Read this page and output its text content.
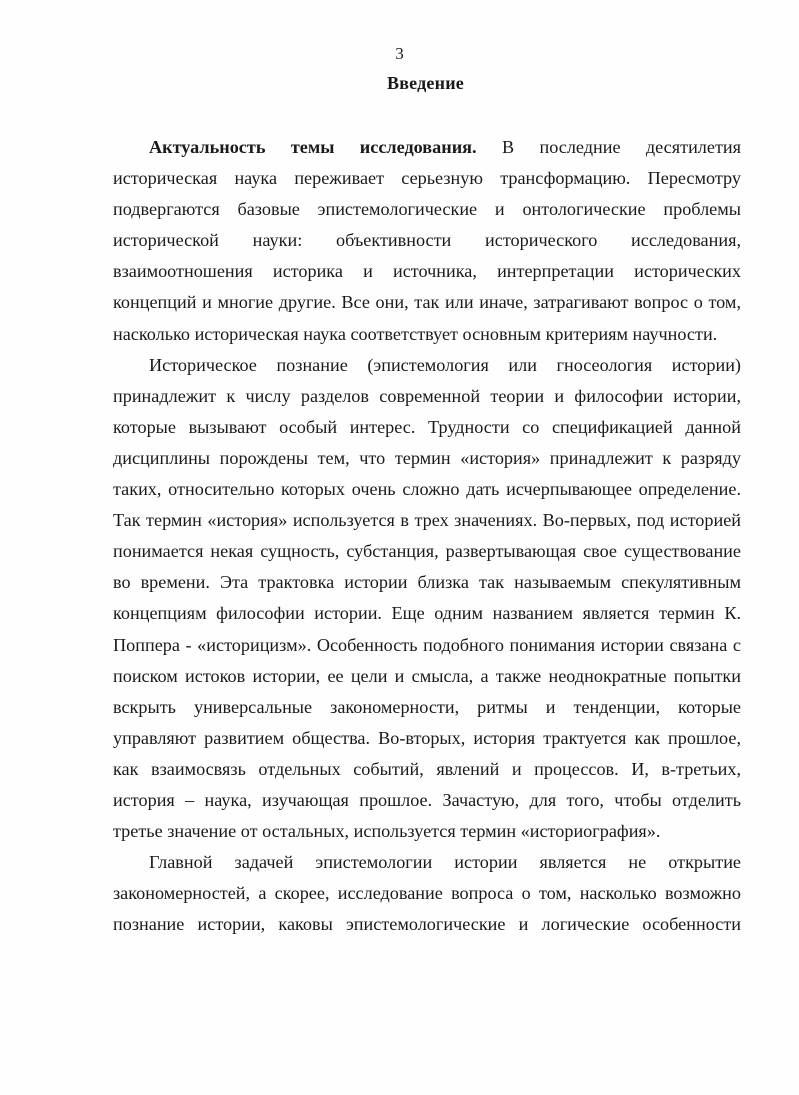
3
Введение

Актуальность темы исследования. В последние десятилетия историческая наука переживает серьезную трансформацию. Пересмотру подвергаются базовые эпистемологические и онтологические проблемы исторической науки: объективности исторического исследования, взаимоотношения историка и источника, интерпретации исторических концепций и многие другие. Все они, так или иначе, затрагивают вопрос о том, насколько историческая наука соответствует основным критериям научности.

Историческое познание (эпистемология или гносеология истории) принадлежит к числу разделов современной теории и философии истории, которые вызывают особый интерес. Трудности со спецификацией данной дисциплины порождены тем, что термин «история» принадлежит к разряду таких, относительно которых очень сложно дать исчерпывающее определение. Так термин «история» используется в трех значениях. Во-первых, под историей понимается некая сущность, субстанция, развертывающая свое существование во времени. Эта трактовка истории близка так называемым спекулятивным концепциям философии истории. Еще одним названием является термин К. Поппера - «историцизм». Особенность подобного понимания истории связана с поиском истоков истории, ее цели и смысла, а также неоднократные попытки вскрыть универсальные закономерности, ритмы и тенденции, которые управляют развитием общества. Во-вторых, история трактуется как прошлое, как взаимосвязь отдельных событий, явлений и процессов. И, в-третьих, история – наука, изучающая прошлое. Зачастую, для того, чтобы отделить третье значение от остальных, используется термин «историография».

Главной задачей эпистемологии истории является не открытие закономерностей, а скорее, исследование вопроса о том, насколько возможно познание истории, каковы эпистемологические и логические особенности
